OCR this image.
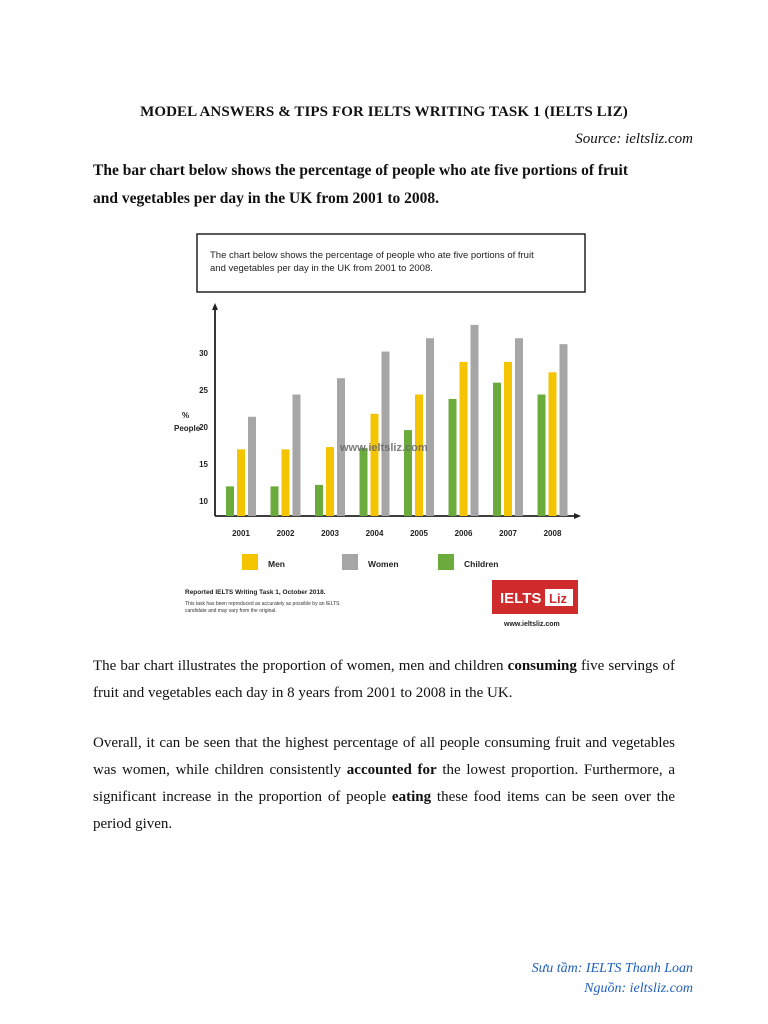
MODEL ANSWERS & TIPS FOR IELTS WRITING TASK 1 (IELTS LIZ)
Source: ieltsliz.com
The bar chart below shows the percentage of people who ate five portions of fruit
and vegetables per day in the UK from 2001 to 2008.
The chart below shows the percentage of people who ate five portions of fruit
and vegetables per day in the UK from 2001 to 2008.
10
15
20
25
30
%
People
2001	2002	2003	2004	2005	2006	2007	2008
Men	Women	Children
www.ieltsliz.com
Reported IELTS Writing Task 1, October 2018.
This task has been reproduced as accurately as possible by an IELTS
candidate and may vary from the original.
IELTS Liz
www.ieltsliz.com
The bar chart illustrates the proportion of women, men and children consuming five servings of fruit and vegetables each day in 8 years from 2001 to 2008 in the UK.
Overall, it can be seen that the highest percentage of all people consuming fruit and vegetables was women, while children consistently accounted for the lowest proportion. Furthermore, a significant increase in the proportion of people eating these food items can be seen over the period given.
Sưu tầm: IELTS Thanh Loan
Nguồn: ieltsliz.com
